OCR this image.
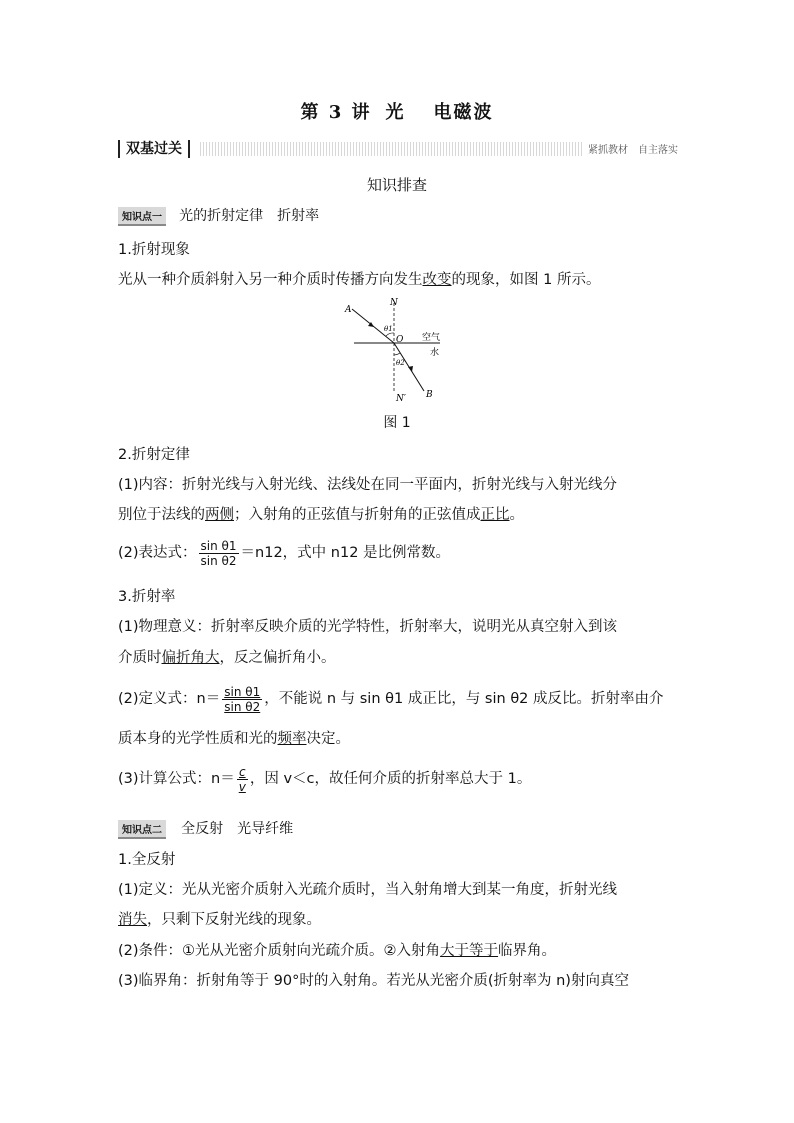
第 3 讲 光 电磁波
双基过关	紧抓教材　自主落实
知识排查
知识点一 光的折射定律　折射率
1.折射现象
光从一种介质斜射入另一种介质时传播方向发生改变的现象，如图 1 所示。
A
N
θ1
O 空气
水
θ2
N′ B
图 1
2.折射定律
(1)内容：折射光线与入射光线、法线处在同一平面内，折射光线与入射光线分
别位于法线的两侧；入射角的正弦值与折射角的正弦值成正比。
(2)表达式： $\frac{\text{sin θ1}}{\text{sin θ2}} =n12$，式中 n12 是比例常数。
3.折射率
(1)物理意义：折射率反映介质的光学特性，折射率大，说明光从真空射入到该
介质时偏折角大，反之偏折角小。
(2)定义式：$n= \frac{\text{sin θ1}}{\text{sin θ2}}$ ，不能说 n 与 sin θ1 成正比，与 sin θ2 成反比。折射率由介
质本身的光学性质和光的频率决定。
(3)计算公式：$n= \frac{c}{v}$ ，因 v＜c，故任何介质的折射率总大于 1。
知识点二 全反射　光导纤维
1.全反射
(1)定义：光从光密介质射入光疏介质时，当入射角增大到某一角度，折射光线
消失，只剩下反射光线的现象。
(2)条件：①光从光密介质射向光疏介质。②入射角大于等于临界角。
(3)临界角：折射角等于 90°时的入射角。若光从光密介质(折射率为 n)射向真空
